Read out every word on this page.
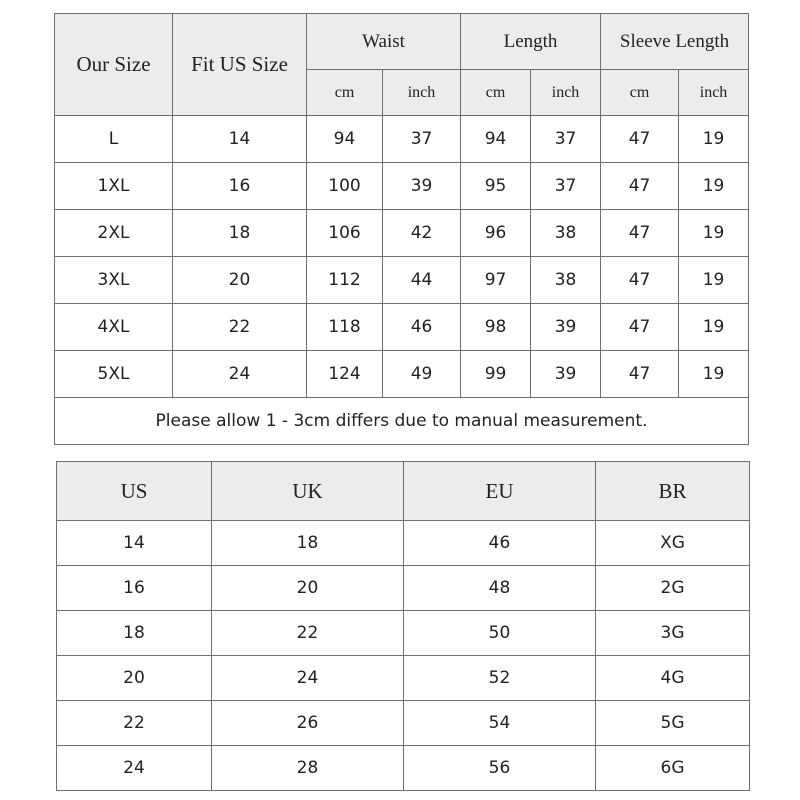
Our Size	Fit US Size	Waist		Length		Sleeve Length	
		cm	inch	cm	inch	cm	inch
L	14	94	37	94	37	47	19
1XL	16	100	39	95	37	47	19
2XL	18	106	42	96	38	47	19
3XL	20	112	44	97	38	47	19
4XL	22	118	46	98	39	47	19
5XL	24	124	49	99	39	47	19
Please allow 1 - 3cm differs due to manual measurement.							
US	UK	EU	BR
14	18	46	XG
16	20	48	2G
18	22	50	3G
20	24	52	4G
22	26	54	5G
24	28	56	6G
